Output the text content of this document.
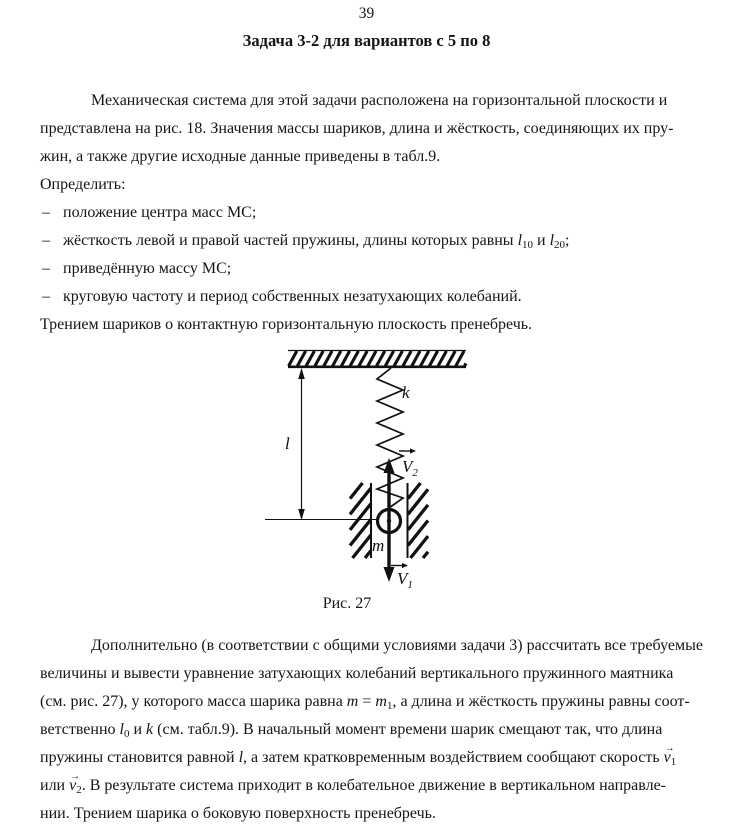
39
Задача 3-2 для вариантов с 5 по 8
Механическая система для этой задачи расположена на горизонтальной плоскости и
представлена на рис. 18. Значения массы шариков, длина и жёсткость, соединяющих их пру-
жин, а также другие исходные данные приведены в табл.9.
Определить:
– положение центра масс МС;
– жёсткость левой и правой частей пружины, длины которых равны $l_{10}$ и $l_{20}$;
– приведённую массу МС;
– круговую частоту и период собственных незатухающих колебаний.
Трением шариков о контактную горизонтальную плоскость пренебречь.
l
k
m
$V_2$
$V_1$
Рис. 27
Дополнительно (в соответствии с общими условиями задачи 3) рассчитать все требуемые
величины и вывести уравнение затухающих колебаний вертикального пружинного маятника
(см. рис. 27), у которого масса шарика равна $m = m_1$, а длина и жёсткость пружины равны соот-
ветственно $l_0$ и k (см. табл.9). В начальный момент времени шарик смещают так, что длина
пружины становится равной l, а затем кратковременным воздействием сообщают скорость
→
$v_1$
или
→
$v_2$. В результате система приходит в колебательное движение в вертикальном направле-
нии. Трением шарика о боковую поверхность пренебречь.
